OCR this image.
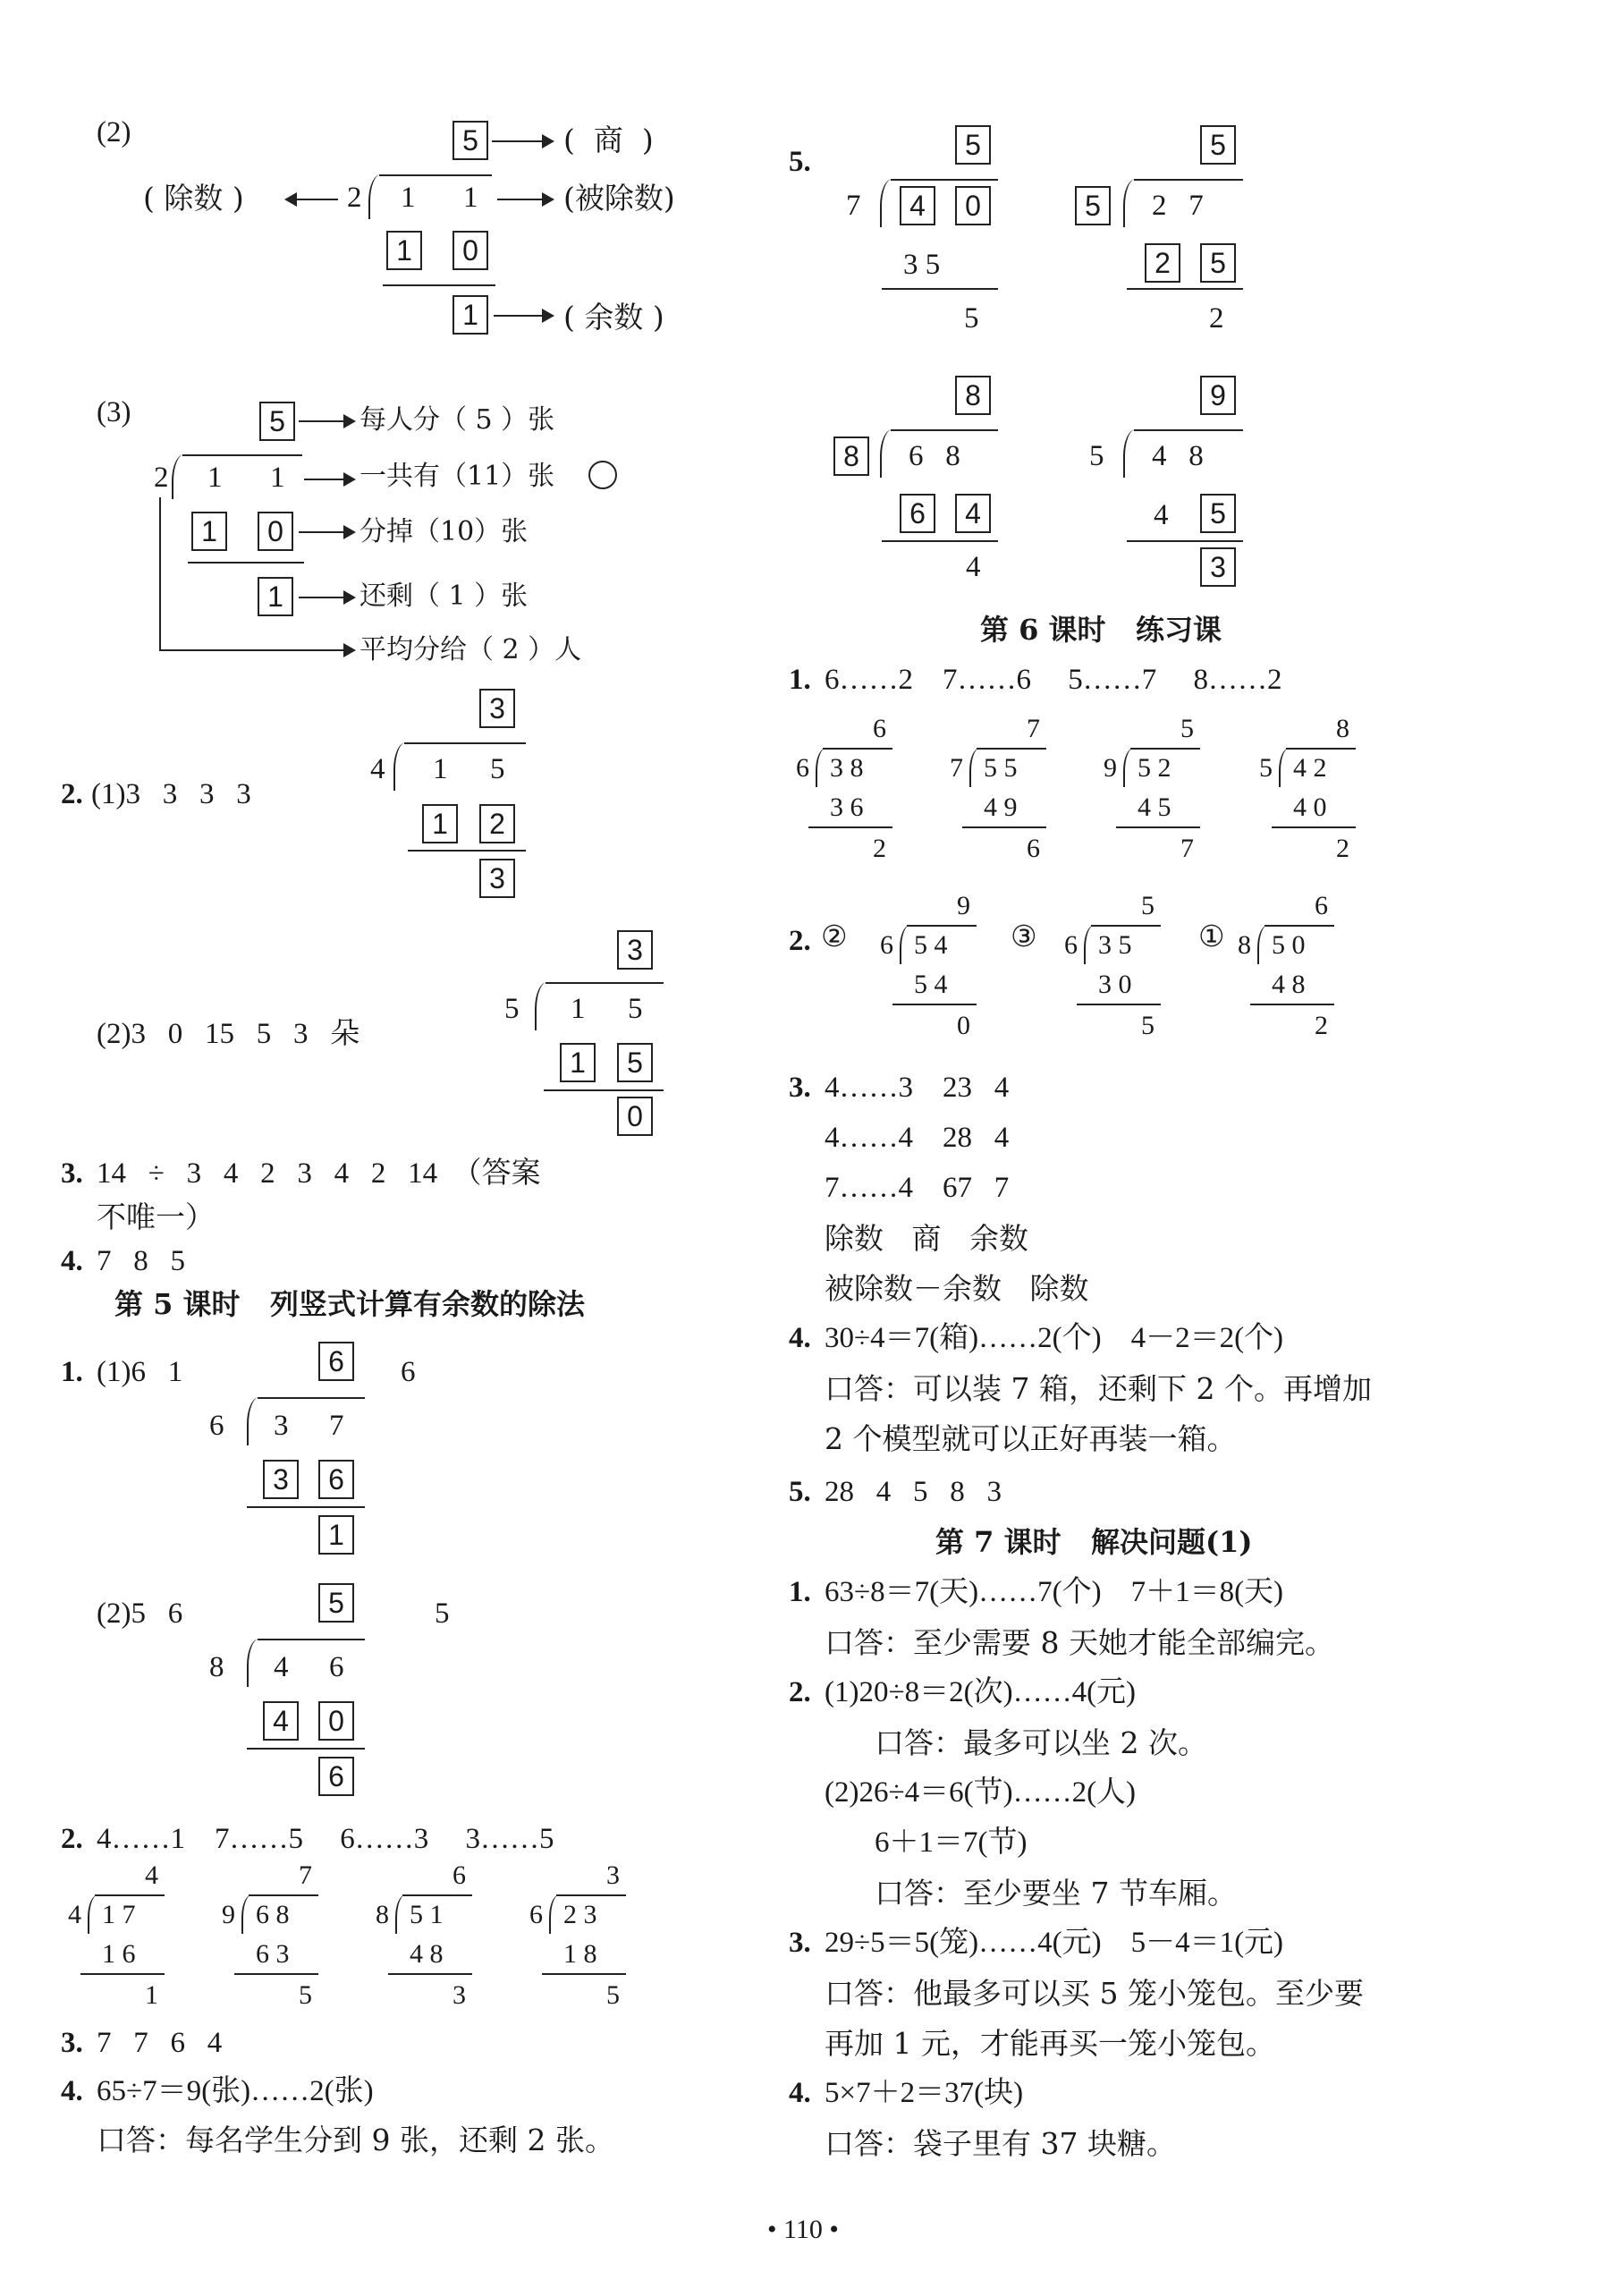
(2)	5	(  商  )
( 除数 )	2 1 1	(被除数)
1	0
1	( 余数 )
(3)	5	每人分（ 5 ）张
2 1 1	一共有（11）张
1	0	分掉（10）张
1	还剩（ 1 ）张
平均分给（ 2 ）人
2. (1)3   3   3   3
3
4 1 5
1	2
3
(2)3   0   15   5   3   朵
3
5 1 5
1	5
0
3. 14   ÷   3   4   2   3   4   2   14  （答案
不唯一）
4. 7   8   5
第 5 课时   列竖式计算有余数的除法
1. (1)6   1	6	6
6 3 7
3	6
1
(2)5   6	5	5
8 4 6
4	0
6
2. 4……1    7……5     6……3     3……5
4
4 1 7
1 6
1
7
9 6 8
6 3
5
6
8 5 1
4 8
3
3
6 2 3
1 8
5
3. 7   7   6   4
4. 65÷7＝9(张)……2(张)
口答：每名学生分到 9 张，还剩 2 张。
5.
5
7	4	0
3 5
5
5
5	2   7
2	5
2
8
8	6   8
6	4
4
9
5 4   8
4	5
3
第 6 课时   练习课
1. 6……2    7……6     5……7     8……2
6
6 3 8
3 6
2
7
7 5 5
4 9
6
5
9 5 2
4 5
7
8
5 4 2
4 0
2
2. ②	③	①
9
6 5 4
5 4
0
5
6 3 5
3 0
5
6
8 5 0
4 8
2
3. 4……3    23   4
4……4    28   4
7……4    67   7
除数   商   余数
被除数－余数   除数
4. 30÷4＝7(箱)……2(个)    4－2＝2(个)
口答：可以装 7 箱，还剩下 2 个。再增加
2 个模型就可以正好再装一箱。
5. 28   4   5   8   3
第 7 课时   解决问题(1)
1. 63÷8＝7(天)……7(个)    7＋1＝8(天)
口答：至少需要 8 天她才能全部编完。
2. (1)20÷8＝2(次)……4(元)
口答：最多可以坐 2 次。
(2)26÷4＝6(节)……2(人)
6＋1＝7(节)
口答：至少要坐 7 节车厢。
3. 29÷5＝5(笼)……4(元)    5－4＝1(元)
口答：他最多可以买 5 笼小笼包。至少要
再加 1 元，才能再买一笼小笼包。
4. 5×7＋2＝37(块)
口答：袋子里有 37 块糖。
• 110 •
